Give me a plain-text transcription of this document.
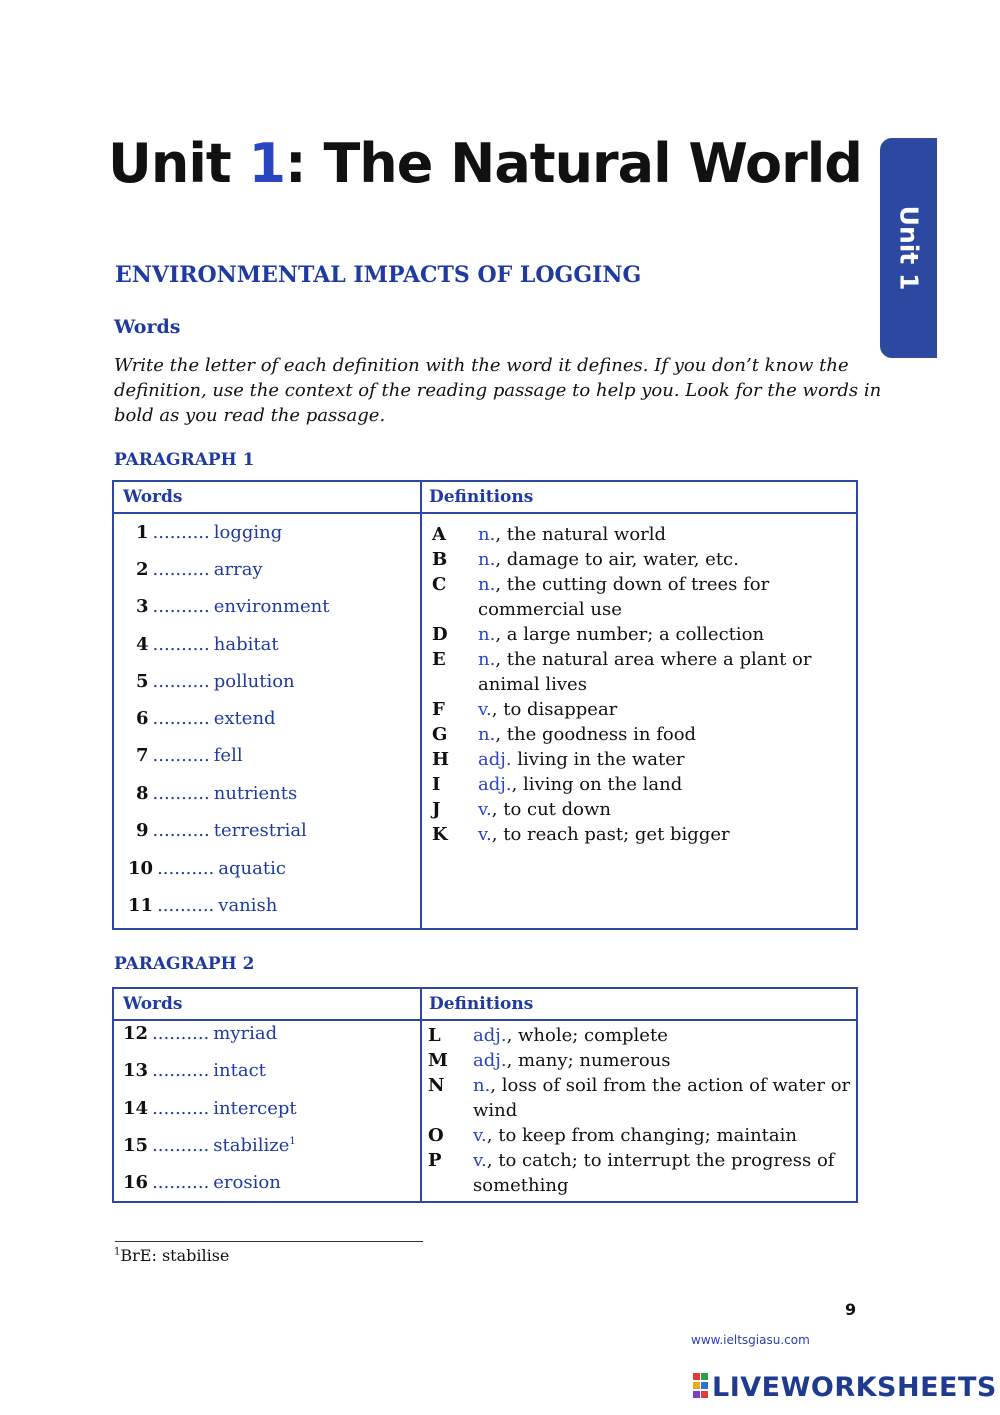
Unit 1: The Natural World
Unit 1
ENVIRONMENTAL IMPACTS OF LOGGING
Words

Write the letter of each definition with the word it defines. If you don’t know the definition, use the context of the reading passage to help you. Look for the words in bold as you read the passage.

PARAGRAPH 1
Words	Definitions
1 .......... logging
2 .......... array
3 .......... environment
4 .......... habitat
5 .......... pollution
6 .......... extend
7 .......... fell
8 .......... nutrients
9 .......... terrestrial
10 .......... aquatic
11 .......... vanish
A n., the natural world
B n., damage to air, water, etc.
C n., the cutting down of trees for commercial use
D n., a large number; a collection
E n., the natural area where a plant or animal lives
F v., to disappear
G n., the goodness in food
H adj. living in the water
I adj., living on the land
J v., to cut down
K v., to reach past; get bigger
PARAGRAPH 2
Words	Definitions
12 .......... myriad
13 .......... intact
14 .......... intercept
15 .......... stabilize$^1$
16 .......... erosion
L adj., whole; complete
M adj., many; numerous
N n., loss of soil from the action of water or wind
O v., to keep from changing; maintain
P v., to catch; to interrupt the progress of something
$^1$BrE: stabilise
9
www.ieltsgiasu.com
LIVEWORKSHEETS
